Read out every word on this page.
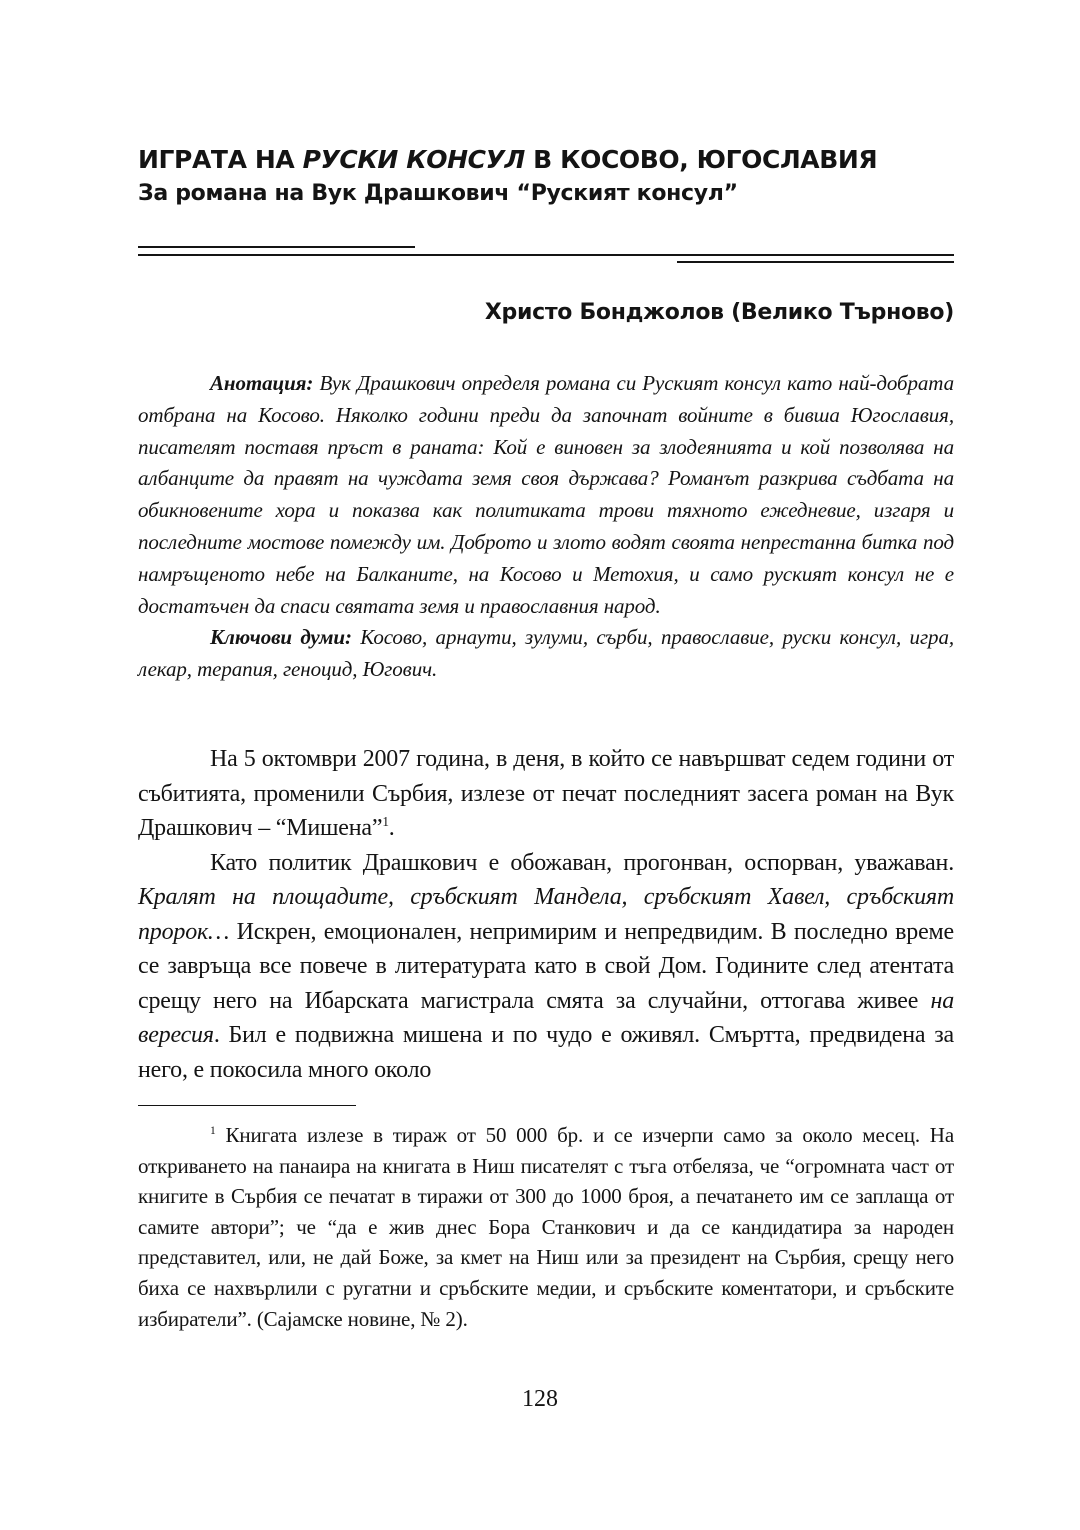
ИГРАТА НА РУСКИ КОНСУЛ В КОСОВО, ЮГОСЛАВИЯ
За романа на Вук Драшкович “Руският консул”
Христо Бонджолов (Велико Търново)

Анотация: Вук Драшкович определя романа си Руският консул като най-добрата отбрана на Косово. Няколко години преди да започнат войните в бивша Югославия, писателят поставя пръст в раната: Кой е виновен за злодеянията и кой позволява на албанците да правят на чуждата земя своя държава? Романът разкрива съдбата на обикновените хора и показва как политиката трови тяхното ежедневие, изгаря и последните мостове помежду им. Доброто и злото водят своята непрестанна битка под намръщеното небе на Балканите, на Косово и Метохия, и само руският консул не е достатъчен да спаси святата земя и православния народ.

Ключови думи: Косово, арнаути, зулуми, сърби, православие, руски консул, игра, лекар, терапия, геноцид, Югович.

На 5 октомври 2007 година, в деня, в който се навършват седем години от събитията, променили Сърбия, излезе от печат последният засега роман на Вук Драшкович – “Мишена”$^1$.

Като политик Драшкович е обожаван, прогонван, оспорван, уважаван. Кралят на площадите, сръбският Мандела, сръбският Хавел, сръбският пророк… Искрен, емоционален, непримирим и непредвидим. В последно време се завръща все повече в литературата като в свой Дом. Годините след атентата срещу него на Ибарската магистрала смята за случайни, оттогава живее на вересия. Бил е подвижна мишена и по чудо е оживял. Смъртта, предвидена за него, е покосила много около

$^1$ Книгата излезе в тираж от 50 000 бр. и се изчерпи само за около месец. На откриването на панаира на книгата в Ниш писателят с тъга отбеляза, че “огромната част от книгите в Сърбия се печатат в тиражи от 300 до 1000 броя, а печатането им се заплаща от самите автори”; че “да е жив днес Бора Станкович и да се кандидатира за народен представител, или, не дай Боже, за кмет на Ниш или за президент на Сърбия, срещу него биха се нахвърлили с ругатни и сръбските медии, и сръбските коментатори, и сръбските избиратели”. (Сајамске новине, № 2).

128
